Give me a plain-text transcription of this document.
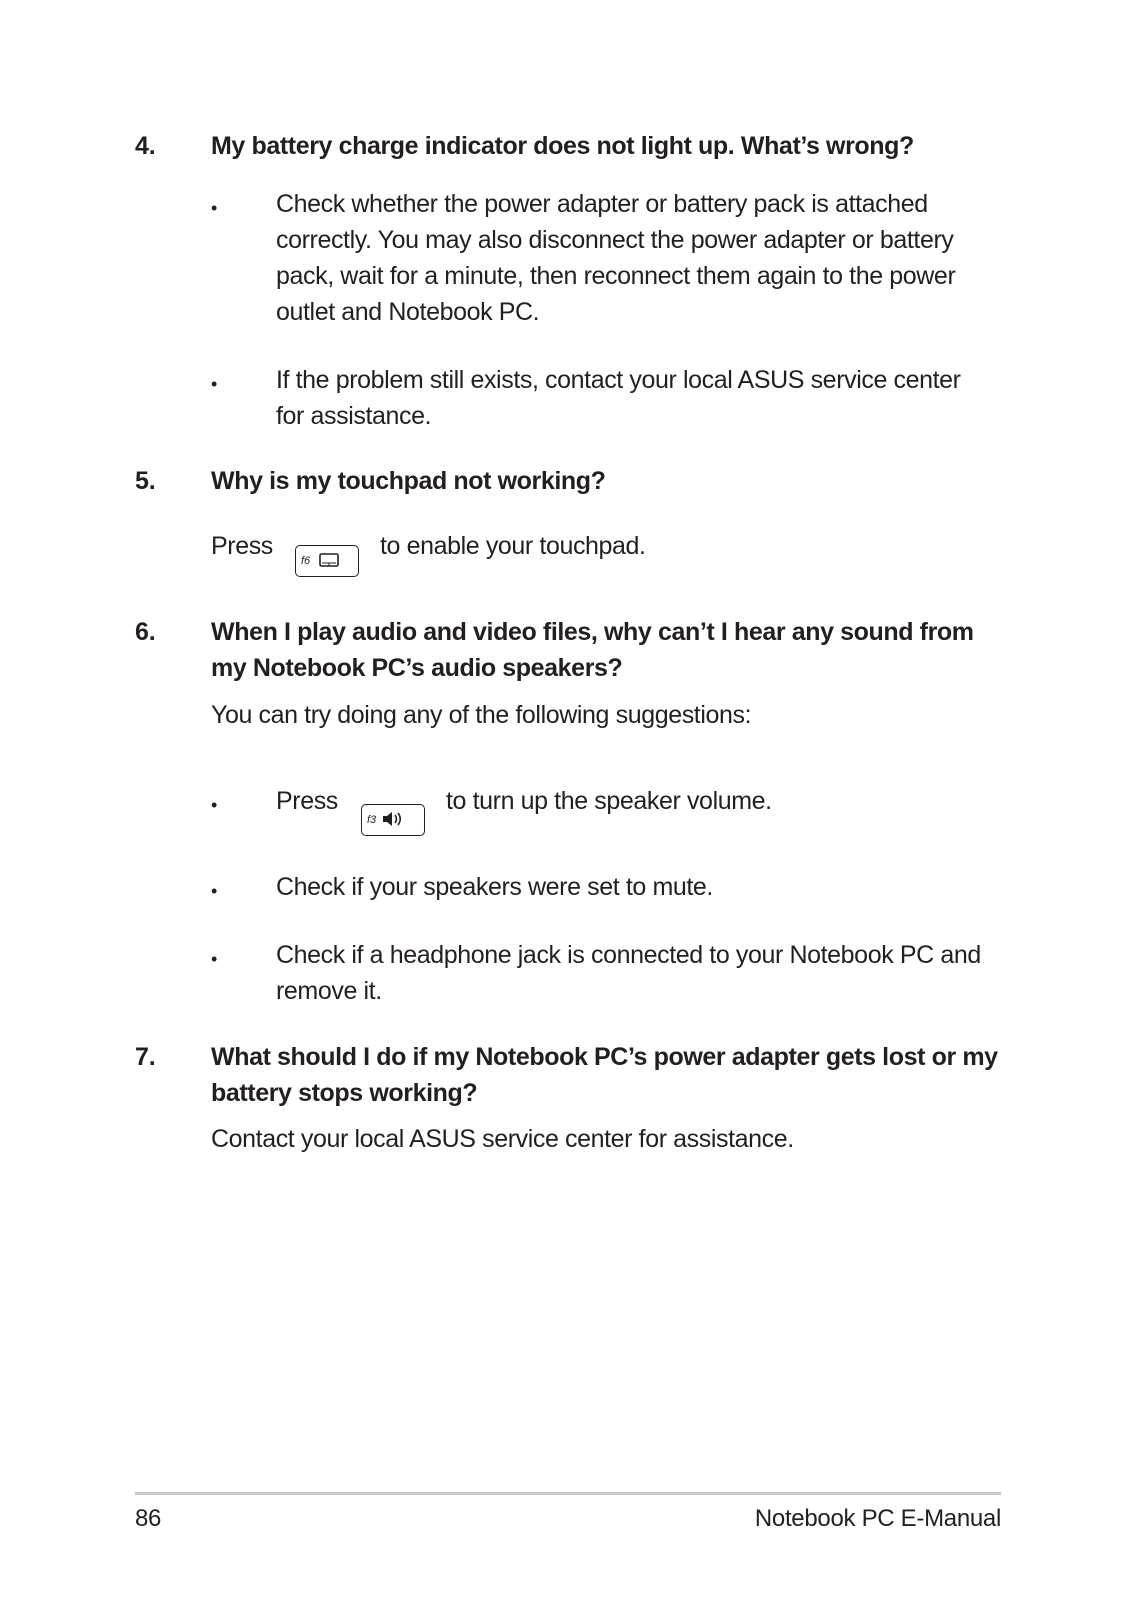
4. My battery charge indicator does not light up. What’s wrong?
• Check whether the power adapter or battery pack is attached correctly. You may also disconnect the power adapter or battery pack, wait for a minute, then reconnect them again to the power outlet and Notebook PC.
• If the problem still exists, contact your local ASUS service center for assistance.
5. Why is my touchpad not working?
Press
f6
to enable your touchpad.
6. When I play audio and video files, why can’t I hear any sound from my Notebook PC’s audio speakers?
You can try doing any of the following suggestions:
• Press
f3
to turn up the speaker volume.
• Check if your speakers were set to mute.
• Check if a headphone jack is connected to your Notebook PC and remove it.
7. What should I do if my Notebook PC’s power adapter gets lost or my battery stops working?
Contact your local ASUS service center for assistance.
86	Notebook PC E-Manual
